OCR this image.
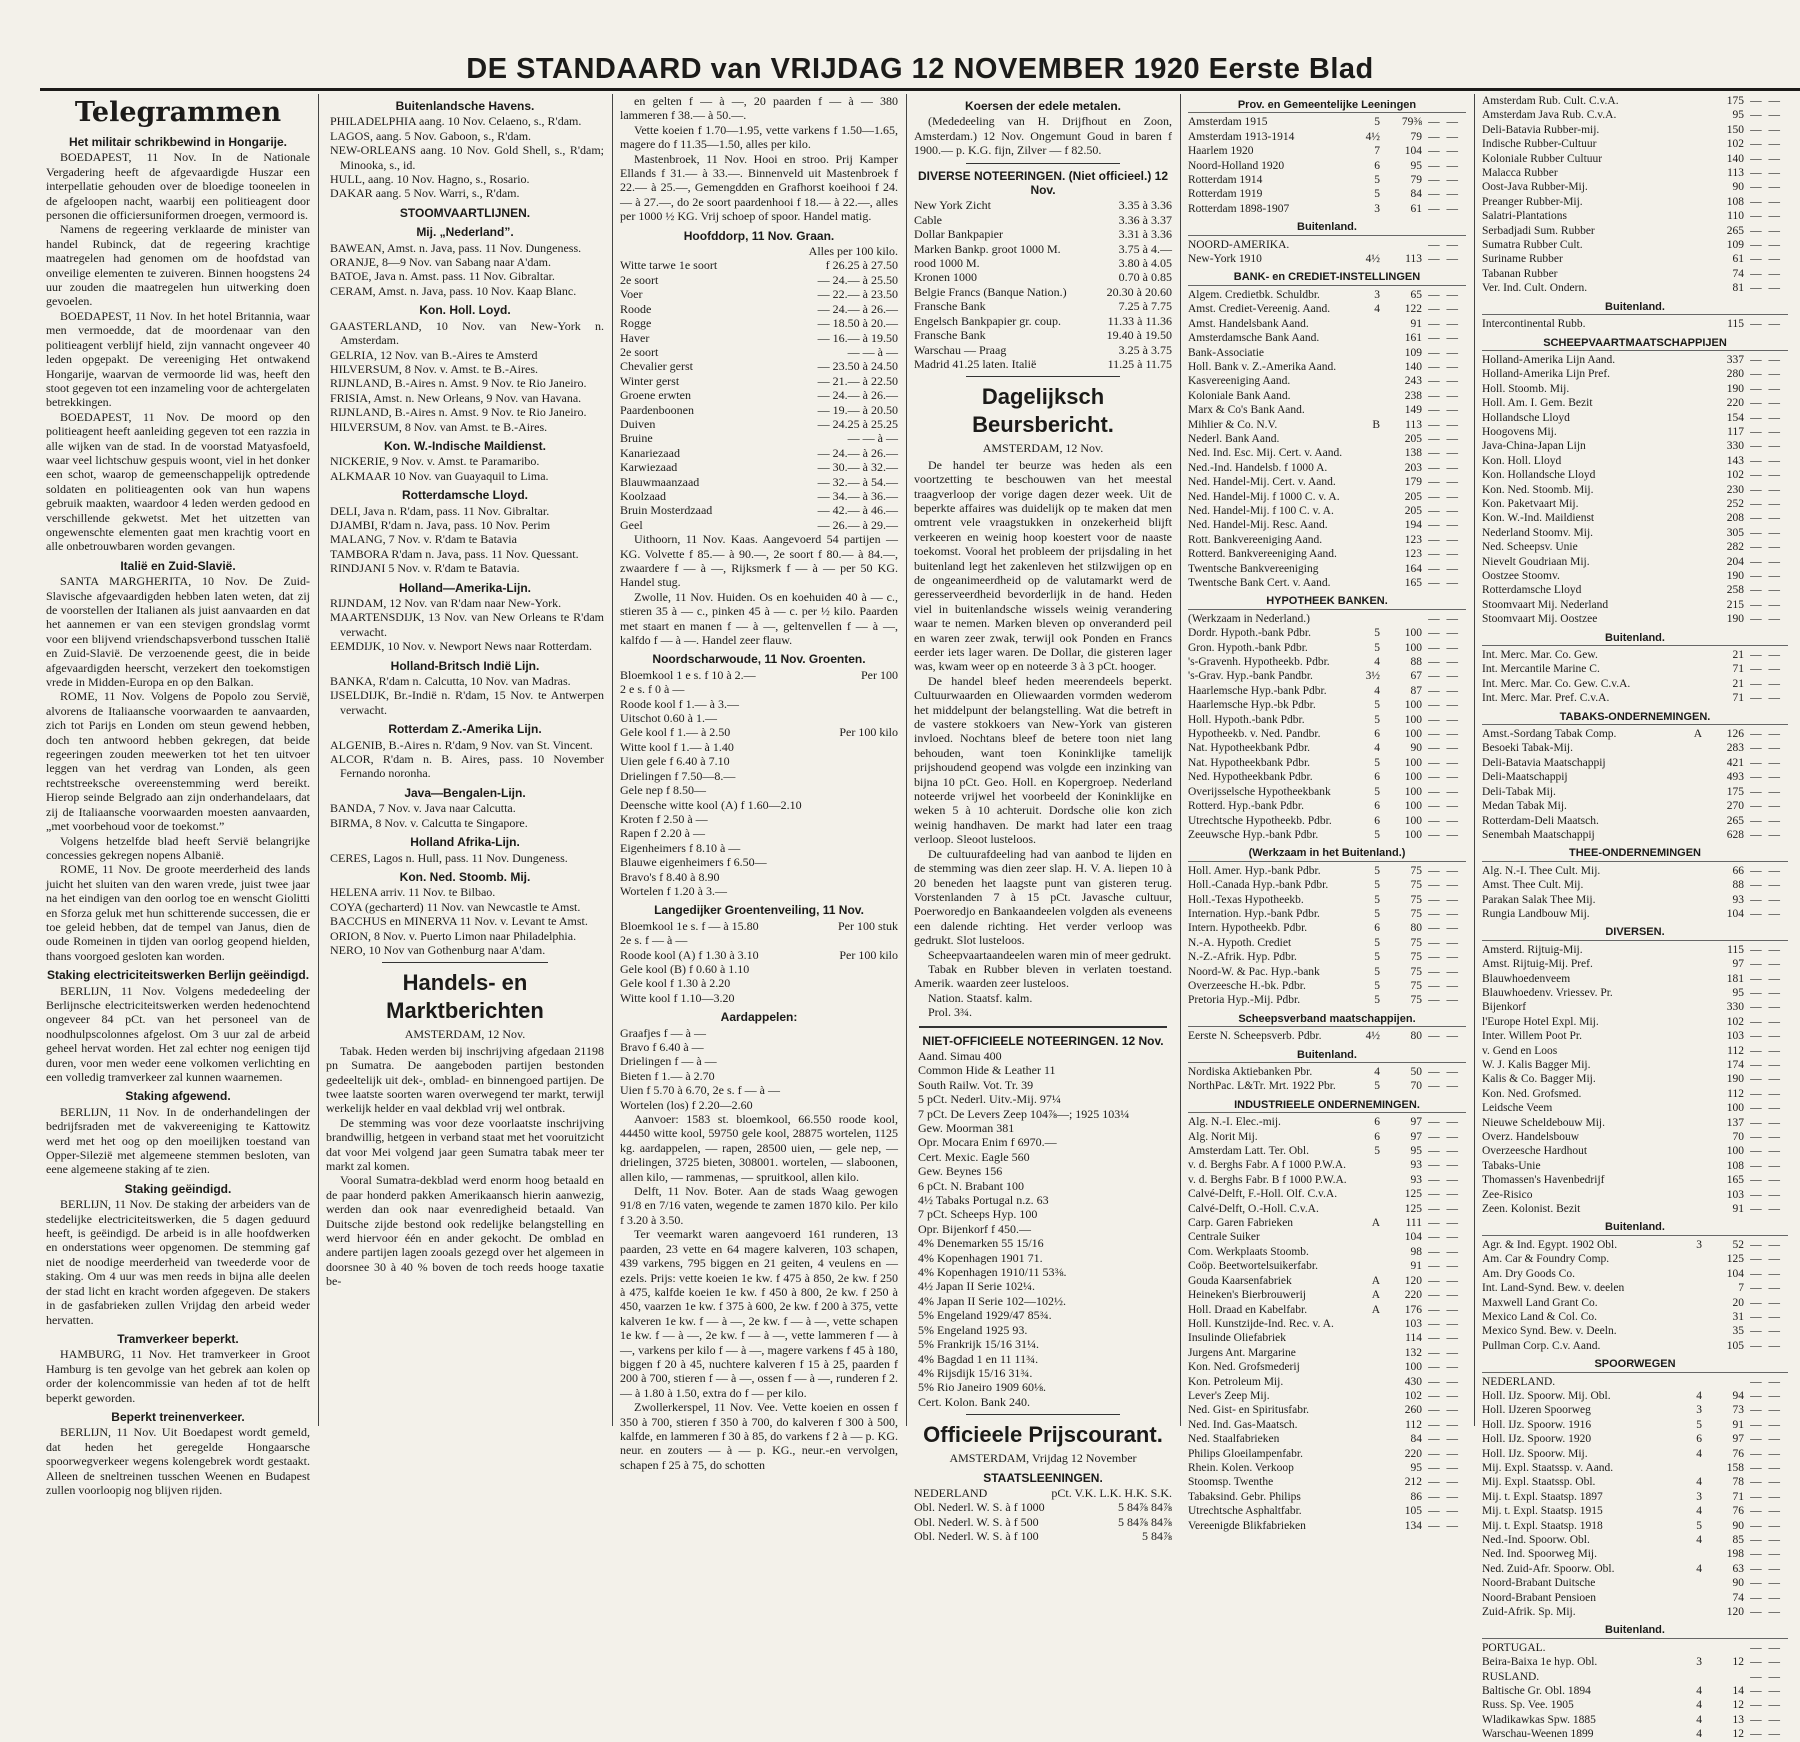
DE STANDAARD van VRIJDAG 12 NOVEMBER 1920 Eerste Blad
Telegrammen
Het militair schrikbewind in Hongarije.

BOEDAPEST, 11 Nov. In de Nationale Vergadering heeft de afgevaardigde Huszar een interpellatie gehouden over de bloedige tooneelen in de afgeloopen nacht, waarbij een politieagent door personen die officiersuniformen droegen, vermoord is.

Namens de regeering verklaarde de minister van handel Rubinck, dat de regeering krachtige maatregelen had genomen om de hoofdstad van onveilige elementen te zuiveren. Binnen hoogstens 24 uur zouden die maatregelen hun uitwerking doen gevoelen.

BOEDAPEST, 11 Nov. In het hotel Britannia, waar men vermoedde, dat de moordenaar van den politieagent verblijf hield, zijn vannacht ongeveer 40 leden opgepakt. De vereeniging Het ontwakend Hongarije, waarvan de vermoorde lid was, heeft den stoot gegeven tot een inzameling voor de achtergelaten betrekkingen.

BOEDAPEST, 11 Nov. De moord op den politieagent heeft aanleiding gegeven tot een razzia in alle wijken van de stad. In de voorstad Matyasfoeld, waar veel lichtschuw gespuis woont, viel in het donker een schot, waarop de gemeenschappelijk optredende soldaten en politieagenten ook van hun wapens gebruik maakten, waardoor 4 leden werden gedood en verschillende gekwetst. Met het uitzetten van ongewenschte elementen gaat men krachtig voort en alle onbetrouwbaren worden gevangen.

Italië en Zuid-Slavië.

SANTA MARGHERITA, 10 Nov. De Zuid-Slavische afgevaardigden hebben laten weten, dat zij de voorstellen der Italianen als juist aanvaarden en dat het aannemen er van een stevigen grondslag vormt voor een blijvend vriendschapsverbond tusschen Italië en Zuid-Slavië. De verzoenende geest, die in beide afgevaardigden heerscht, verzekert den toekomstigen vrede in Midden-Europa en op den Balkan.

ROME, 11 Nov. Volgens de Popolo zou Servië, alvorens de Italiaansche voorwaarden te aanvaarden, zich tot Parijs en Londen om steun gewend hebben, doch ten antwoord hebben gekregen, dat beide regeeringen zouden meewerken tot het ten uitvoer leggen van het verdrag van Londen, als geen rechtstreeksche overeenstemming werd bereikt. Hierop seinde Belgrado aan zijn onderhandelaars, dat zij de Italiaansche voorwaarden moesten aanvaarden, „met voorbehoud voor de toekomst.”

Volgens hetzelfde blad heeft Servië belangrijke concessies gekregen nopens Albanië.

ROME, 11 Nov. De groote meerderheid des lands juicht het sluiten van den waren vrede, juist twee jaar na het eindigen van den oorlog toe en wenscht Giolitti en Sforza geluk met hun schitterende successen, die er toe geleid hebben, dat de tempel van Janus, dien de oude Romeinen in tijden van oorlog geopend hielden, thans voorgoed gesloten kan worden.

Staking electriciteitswerken Berlijn geëindigd.

BERLIJN, 11 Nov. Volgens mededeeling der Berlijnsche electriciteitswerken werden hedenochtend ongeveer 84 pCt. van het personeel van de noodhulpscolonnes afgelost. Om 3 uur zal de arbeid geheel hervat worden. Het zal echter nog eenigen tijd duren, voor men weder eene volkomen verlichting en een volledig tramverkeer zal kunnen waarnemen.

Staking afgewend.

BERLIJN, 11 Nov. In de onderhandelingen der bedrijfsraden met de vakvereeniging te Kattowitz werd met het oog op den moeilijken toestand van Opper-Silezië met algemeene stemmen besloten, van eene algemeene staking af te zien.

Staking geëindigd.

BERLIJN, 11 Nov. De staking der arbeiders van de stedelijke electriciteitswerken, die 5 dagen geduurd heeft, is geëindigd. De arbeid is in alle hoofdwerken en onderstations weer opgenomen. De stemming gaf niet de noodige meerderheid van tweederde voor de staking. Om 4 uur was men reeds in bijna alle deelen der stad licht en kracht worden afgegeven. De stakers in de gasfabrieken zullen Vrijdag den arbeid weder hervatten.

Tramverkeer beperkt.

HAMBURG, 11 Nov. Het tramverkeer in Groot Hamburg is ten gevolge van het gebrek aan kolen op order der kolencommissie van heden af tot de helft beperkt geworden.

Beperkt treinenverkeer.

BERLIJN, 11 Nov. Uit Boedapest wordt gemeld, dat heden het geregelde Hongaarsche spoorwegverkeer wegens kolengebrek wordt gestaakt. Alleen de sneltreinen tusschen Weenen en Budapest zullen voorloopig nog blijven rijden.

Buitenlandsche Havens.

PHILADELPHIA aang. 10 Nov. Celaeno, s., R'dam.

LAGOS, aang. 5 Nov. Gaboon, s., R'dam.

NEW-ORLEANS aang. 10 Nov. Gold Shell, s., R'dam; Minooka, s., id.

HULL, aang. 10 Nov. Hagno, s., Rosario.

DAKAR aang. 5 Nov. Warri, s., R'dam.

STOOMVAARTLIJNEN.
Mij. „Nederland”.

BAWEAN, Amst. n. Java, pass. 11 Nov. Dungeness.

ORANJE, 8—9 Nov. van Sabang naar A'dam.

BATOE, Java n. Amst. pass. 11 Nov. Gibraltar.

CERAM, Amst. n. Java, pass. 10 Nov. Kaap Blanc.

Kon. Holl. Loyd.

GAASTERLAND, 10 Nov. van New-York n. Amsterdam.

GELRIA, 12 Nov. van B.-Aires te Amsterd

HILVERSUM, 8 Nov. v. Amst. te B.-Aires.

RIJNLAND, B.-Aires n. Amst. 9 Nov. te Rio Janeiro.

FRISIA, Amst. n. New Orleans, 9 Nov. van Havana.

RIJNLAND, B.-Aires n. Amst. 9 Nov. te Rio Janeiro.

HILVERSUM, 8 Nov. van Amst. te B.-Aires.

Kon. W.-Indische Maildienst.

NICKERIE, 9 Nov. v. Amst. te Paramaribo.

ALKMAAR 10 Nov. van Guayaquil to Lima.

Rotterdamsche Lloyd.

DELI, Java n. R'dam, pass. 11 Nov. Gibraltar.

DJAMBI, R'dam n. Java, pass. 10 Nov. Perim

MALANG, 7 Nov. v. R'dam te Batavia

TAMBORA R'dam n. Java, pass. 11 Nov. Quessant.

RINDJANI 5 Nov. v. R'dam te Batavia.

Holland—Amerika-Lijn.

RIJNDAM, 12 Nov. van R'dam naar New-York.

MAARTENSDIJK, 13 Nov. van New Orleans te R'dam verwacht.

EEMDIJK, 10 Nov. v. Newport News naar Rotterdam.

Holland-Britsch Indië Lijn.

BANKA, R'dam n. Calcutta, 10 Nov. van Madras.

IJSELDIJK, Br.-Indië n. R'dam, 15 Nov. te Antwerpen verwacht.

Rotterdam Z.-Amerika Lijn.

ALGENIB, B.-Aires n. R'dam, 9 Nov. van St. Vincent.

ALCOR, R'dam n. B. Aires, pass. 10 November Fernando noronha.

Java—Bengalen-Lijn.

BANDA, 7 Nov. v. Java naar Calcutta.

BIRMA, 8 Nov. v. Calcutta te Singapore.

Holland Afrika-Lijn.

CERES, Lagos n. Hull, pass. 11 Nov. Dungeness.

Kon. Ned. Stoomb. Mij.

HELENA arriv. 11 Nov. te Bilbao.

COYA (gecharterd) 11 Nov. van Newcastle te Amst.

BACCHUS en MINERVA 11 Nov. v. Levant te Amst.

ORION, 8 Nov. v. Puerto Limon naar Philadelphia.

NERO, 10 Nov van Gothenburg naar A'dam.

Handels- en Marktberichten
AMSTERDAM, 12 Nov.

Tabak. Heden werden bij inschrijving afgedaan 21198 pn Sumatra. De aangeboden partijen bestonden gedeeltelijk uit dek-, omblad- en binnengoed partijen. De twee laatste soorten waren overwegend ter markt, terwijl werkelijk helder en vaal dekblad vrij wel ontbrak.

De stemming was voor deze voorlaatste inschrijving brandwillig, hetgeen in verband staat met het vooruitzicht dat voor Mei volgend jaar geen Sumatra tabak meer ter markt zal komen.

Vooral Sumatra-dekblad werd enorm hoog betaald en de paar honderd pakken Amerikaansch hierin aanwezig, werden dan ook naar evenredigheid betaald. Van Duitsche zijde bestond ook redelijke belangstelling en werd hiervoor één en ander gekocht. De omblad en andere partijen lagen zooals gezegd over het algemeen in doorsnee 30 à 40 % boven de toch reeds hooge taxatie be-

en gelten f — à —, 20 paarden f — à — 380 lammeren f 38.— à 50.—.

Vette koeien f 1.70—1.95, vette varkens f 1.50—1.65, magere do f 11.35—1.50, alles per kilo.

Mastenbroek, 11 Nov. Hooi en stroo. Prij Kamper Ellands f 31.— à 33.—. Binnenveld uit Mastenbroek f 22.— à 25.—, Gemengdden en Grafhorst koeihooi f 24.— à 27.—, do 2e soort paardenhooi f 18.— à 22.—, alles per 1000 ½ KG. Vrij schoep of spoor. Handel matig.

Hoofddorp, 11 Nov. Graan.
Alles per 100 kilo.
Witte tarwe 1e soort	f 26.25 à 27.50
2e soort	— 24.— à 25.50
Voer	— 22.— à 23.50
Roode	— 24.— à 26.—
Rogge	— 18.50 à 20.—
Haver	— 16.— à 19.50
2e soort	— — à —
Chevalier gerst	— 23.50 à 24.50
Winter gerst	— 21.— à 22.50
Groene erwten	— 24.— à 26.—
Paardenboonen	— 19.— à 20.50
Duiven	— 24.25 à 25.25
Bruine	— — à —
Kanariezaad	— 24.— à 26.—
Karwiezaad	— 30.— à 32.—
Blauwmaanzaad	— 32.— à 54.—
Koolzaad	— 34.— à 36.—
Bruin Mosterdzaad	— 42.— à 46.—
Geel	— 26.— à 29.—

Uithoorn, 11 Nov. Kaas. Aangevoerd 54 partijen — KG. Volvette f 85.— à 90.—, 2e soort f 80.— à 84.—, zwaardere f — à —, Rijksmerk f — à — per 50 KG. Handel stug.

Zwolle, 11 Nov. Huiden. Os en koehuiden 40 à — c., stieren 35 à — c., pinken 45 à — c. per ½ kilo. Paarden met staart en manen f — à —, geltenvellen f — à —, kalfdo f — à —. Handel zeer flauw.

Noordscharwoude, 11 Nov. Groenten.
Bloemkool 1 e s. f 10 à 2.—	Per 100
2 e s. f 0 à —
Roode kool f 1.— à 3.—
Uitschot 0.60 à 1.—
Gele kool f 1.— à 2.50	Per 100 kilo
Witte kool f 1.— à 1.40
Uien gele f 6.40 à 7.10
Drielingen f 7.50—8.—
Gele nep f 8.50—
Deensche witte kool (A) f 1.60—2.10
Kroten f 2.50 à —
Rapen f 2.20 à —
Eigenheimers f 8.10 à —
Blauwe eigenheimers f 6.50—
Bravo's f 8.40 à 8.90
Wortelen f 1.20 à 3.—
Langedijker Groentenveiling, 11 Nov.
Bloemkool 1e s. f — à 15.80	Per 100 stuk
2e s. f — à —
Roode kool (A) f 1.30 à 3.10	Per 100 kilo
Gele kool (B) f 0.60 à 1.10
Gele kool f 1.30 à 2.20
Witte kool f 1.10—3.20
Aardappelen:
Graafjes f — à —
Bravo f 6.40 à —
Drielingen f — à —
Bieten f 1.— à 2.70
Uien f 5.70 à 6.70, 2e s. f — à —
Wortelen (los) f 2.20—2.60

Aanvoer: 1583 st. bloemkool, 66.550 roode kool, 44450 witte kool, 59750 gele kool, 28875 wortelen, 1125 kg. aardappelen, — rapen, 28500 uien, — gele nep, — drielingen, 3725 bieten, 308001. wortelen, — slaboonen, allen kilo, — rammenas, — spruitkool, allen kilo.

Delft, 11 Nov. Boter. Aan de stads Waag gewogen 91/8 en 7/16 vaten, wegende te zamen 1870 kilo. Per kilo f 3.20 à 3.50.

Ter veemarkt waren aangevoerd 161 runderen, 13 paarden, 23 vette en 64 magere kalveren, 103 schapen, 439 varkens, 795 biggen en 21 geiten, 4 veulens en — ezels. Prijs: vette koeien 1e kw. f 475 à 850, 2e kw. f 250 à 475, kalfde koeien 1e kw. f 450 à 800, 2e kw. f 250 à 450, vaarzen 1e kw. f 375 à 600, 2e kw. f 200 à 375, vette kalveren 1e kw. f — à —, 2e kw. f — à —, vette schapen 1e kw. f — à —, 2e kw. f — à —, vette lammeren f — à —, varkens per kilo f — à —, magere varkens f 45 à 180, biggen f 20 à 45, nuchtere kalveren f 15 à 25, paarden f 200 à 700, stieren f — à —, ossen f — à —, runderen f 2.— à 1.80 à 1.50, extra do f — per kilo.

Zwollerkerspel, 11 Nov. Vee. Vette koeien en ossen f 350 à 700, stieren f 350 à 700, do kalveren f 300 à 500, kalfde, en lammeren f 30 à 85, do varkens f 2 à — p. KG. neur. en zouters — à — p. KG., neur.-en vervolgen, schapen f 25 à 75, do schotten

Koersen der edele metalen.

(Mededeeling van H. Drijfhout en Zoon, Amsterdam.) 12 Nov. Ongemunt Goud in baren f 1900.— p. K.G. fijn, Zilver — f 82.50.

DIVERSE NOTEERINGEN. (Niet officieel.) 12 Nov.
New York Zicht	3.35 à 3.36
Cable	3.36 à 3.37
Dollar Bankpapier	3.31 à 3.36
Marken Bankp. groot 1000 M.	3.75 à 4.—
rood 1000 M.	3.80 à 4.05
Kronen 1000	0.70 à 0.85
Belgie Francs (Banque Nation.)	20.30 à 20.60
Fransche Bank	7.25 à 7.75
Engelsch Bankpapier gr. coup.	11.33 à 11.36
Fransche Bank	19.40 à 19.50
Warschau — Praag	3.25 à 3.75
Madrid 41.25 laten. Italië	11.25 à 11.75
Dagelijksch Beursbericht.
AMSTERDAM, 12 Nov.

De handel ter beurze was heden als een voortzetting te beschouwen van het meestal traagverloop der vorige dagen dezer week. Uit de beperkte affaires was duidelijk op te maken dat men omtrent vele vraagstukken in onzekerheid blijft verkeeren en weinig hoop koestert voor de naaste toekomst. Vooral het probleem der prijsdaling in het buitenland legt het zakenleven het stilzwijgen op en de ongeanimeerdheid op de valutamarkt werd de geresserveerdheid bevorderlijk in de hand. Heden viel in buitenlandsche wissels weinig verandering waar te nemen. Marken bleven op onveranderd peil en waren zeer zwak, terwijl ook Ponden en Francs eerder iets lager waren. De Dollar, die gisteren lager was, kwam weer op en noteerde 3 à 3 pCt. hooger.

De handel bleef heden meerendeels beperkt. Cultuurwaarden en Oliewaarden vormden wederom het middelpunt der belangstelling. Wat die betreft in de vastere stokkoers van New-York van gisteren invloed. Nochtans bleef de betere toon niet lang behouden, want toen Koninklijke tamelijk prijshoudend geopend was volgde een inzinking van bijna 10 pCt. Geo. Holl. en Kopergroep. Nederland noteerde vrijwel het voorbeeld der Koninklijke en weken 5 à 10 achteruit. Dordsche olie kon zich weinig handhaven. De markt had later een traag verloop. Sleoot lusteloos.

De cultuurafdeeling had van aanbod te lijden en de stemming was dien zeer slap. H. V. A. liepen 10 à 20 beneden het laagste punt van gisteren terug. Vorstenlanden 7 à 15 pCt. Javasche cultuur, Poerworedjo en Bankaandeelen volgden als eveneens een dalende richting. Het verder verloop was gedrukt. Slot lusteloos.

Scheepvaartaandeelen waren min of meer gedrukt.

Tabak en Rubber bleven in verlaten toestand. Amerik. waarden zeer lusteloos.

Nation. Staatsf. kalm.

Prol. 3¾.

NIET-OFFICIEELE NOTEERINGEN. 12 Nov.

Aand. Simau 400

Common Hide & Leather 11

South Railw. Vot. Tr. 39

5 pCt. Nederl. Uitv.-Mij. 97¼

7 pCt. De Levers Zeep 104⅞—; 1925 103¼

Gew. Moorman 381

Opr. Mocara Enim f 6970.—

Cert. Mexic. Eagle 560

Gew. Beynes 156

6 pCt. N. Brabant 100

4½ Tabaks Portugal n.z. 63

7 pCt. Scheeps Hyp. 100

Opr. Bijenkorf f 450.—

4% Denemarken 55 15/16

4% Kopenhagen 1901 71.

4% Kopenhagen 1910/11 53⅜.

4½ Japan II Serie 102¼.

4% Japan II Serie 102—102½.

5% Engeland 1929/47 85¾.

5% Engeland 1925 93.

5% Frankrijk 15/16 31¼.

4% Bagdad 1 en 11 11¾.

4% Rijsdijk 15/16 31¾.

5% Rio Janeiro 1909 60⅛.

Cert. Kolon. Bank 240.

Officieele Prijscourant.
AMSTERDAM, Vrijdag 12 November
STAATSLEENINGEN.
NEDERLAND	pCt. V.K. L.K. H.K. S.K.
Obl. Nederl. W. S. à f 1000	5 84⅞ 84⅞
Obl. Nederl. W. S. à f 500	5 84⅞ 84⅞
Obl. Nederl. W. S. à f 100	5 84⅞
Prov. en Gemeentelijke Leeningen
Amsterdam 1915	5	79⅜ — —
Amsterdam 1913-1914	4½	79 — —
Haarlem 1920	7	104 — —
Noord-Holland 1920	6	95 — —
Rotterdam 1914	5	79 — —
Rotterdam 1919	5	84 — —
Rotterdam 1898-1907	3	61 — —
Buitenland.
NOORD-AMERIKA.	— —
New-York 1910	4½	113 — —
BANK- en CREDIET-INSTELLINGEN
Algem. Credietbk. Schuldbr.	3	65 — —
Amst. Crediet-Vereenig. Aand.	4	122 — —
Amst. Handelsbank Aand.	91 — —
Amsterdamsche Bank Aand.	161 — —
Bank-Associatie	109 — —
Holl. Bank v. Z.-Amerika Aand.	140 — —
Kasvereeniging Aand.	243 — —
Koloniale Bank Aand.	238 — —
Marx & Co's Bank Aand.	149 — —
Mihlier & Co. N.V.	B	113 — —
Nederl. Bank Aand.	205 — —
Ned. Ind. Esc. Mij. Cert. v. Aand.	138 — —
Ned.-Ind. Handelsb. f 1000 A.	203 — —
Ned. Handel-Mij. Cert. v. Aand.	179 — —
Ned. Handel-Mij. f 1000 C. v. A.	205 — —
Ned. Handel-Mij. f 100 C. v. A.	205 — —
Ned. Handel-Mij. Resc. Aand.	194 — —
Rott. Bankvereeniging Aand.	123 — —
Rotterd. Bankvereeniging Aand.	123 — —
Twentsche Bankvereeniging	164 — —
Twentsche Bank Cert. v. Aand.	165 — —
HYPOTHEEK BANKEN.
(Werkzaam in Nederland.)	— —
Dordr. Hypoth.-bank Pdbr.	5	100 — —
Gron. Hypoth.-bank Pdbr.	5	100 — —
's-Gravenh. Hypotheekb. Pdbr.	4	88 — —
's-Grav. Hyp.-bank Pandbr.	3½	67 — —
Haarlemsche Hyp.-bank Pdbr.	4	87 — —
Haarlemsche Hyp.-bk Pdbr.	5	100 — —
Holl. Hypoth.-bank Pdbr.	5	100 — —
Hypotheekb. v. Ned. Pandbr.	6	100 — —
Nat. Hypotheekbank Pdbr.	4	90 — —
Nat. Hypotheekbank Pdbr.	5	100 — —
Ned. Hypotheekbank Pdbr.	6	100 — —
Overijsselsche Hypotheekbank	5	100 — —
Rotterd. Hyp.-bank Pdbr.	6	100 — —
Utrechtsche Hypotheekb. Pdbr.	6	100 — —
Zeeuwsche Hyp.-bank Pdbr.	5	100 — —
(Werkzaam in het Buitenland.)
Holl. Amer. Hyp.-bank Pdbr.	5	75 — —
Holl.-Canada Hyp.-bank Pdbr.	5	75 — —
Holl.-Texas Hypotheekb.	5	75 — —
Internation. Hyp.-bank Pdbr.	5	75 — —
Intern. Hypotheekb. Pdbr.	6	80 — —
N.-A. Hypoth. Crediet	5	75 — —
N.-Z.-Afrik. Hyp. Pdbr.	5	75 — —
Noord-W. & Pac. Hyp.-bank	5	75 — —
Overzeesche H.-bk. Pdbr.	5	75 — —
Pretoria Hyp.-Mij. Pdbr.	5	75 — —
Scheepsverband maatschappijen.
Eerste N. Scheepsverb. Pdbr.	4½	80 — —
Buitenland.
Nordiska Aktiebanken Pbr.	4	50 — —
NorthPac. L&Tr. Mrt. 1922 Pbr.	5	70 — —
INDUSTRIEELE ONDERNEMINGEN.
Alg. N.-I. Elec.-mij.	6	97 — —
Alg. Norit Mij.	6	97 — —
Amsterdam Latt. Ter. Obl.	5	95 — —
v. d. Berghs Fabr. A f 1000 P.W.A.	93 — —
v. d. Berghs Fabr. B f 1000 P.W.A.	93 — —
Calvé-Delft, F.-Holl. Olf. C.v.A.	125 — —
Calvé-Delft, O.-Holl. C.v.A.	125 — —
Carp. Garen Fabrieken	A	111 — —
Centrale Suiker	104 — —
Com. Werkplaats Stoomb.	98 — —
Coöp. Beetwortelsuikerfabr.	91 — —
Gouda Kaarsenfabriek	A	120 — —
Heineken's Bierbrouwerij	A	220 — —
Holl. Draad en Kabelfabr.	A	176 — —
Holl. Kunstzijde-Ind. Rec. v. A.	103 — —
Insulinde Oliefabriek	114 — —
Jurgens Ant. Margarine	132 — —
Kon. Ned. Grofsmederij	100 — —
Kon. Petroleum Mij.	430 — —
Lever's Zeep Mij.	102 — —
Ned. Gist- en Spiritusfabr.	260 — —
Ned. Ind. Gas-Maatsch.	112 — —
Ned. Staalfabrieken	84 — —
Philips Gloeilampenfabr.	220 — —
Rhein. Kolen. Verkoop	95 — —
Stoomsp. Twenthe	212 — —
Tabaksind. Gebr. Philips	86 — —
Utrechtsche Asphaltfabr.	105 — —
Vereenigde Blikfabrieken	134 — —
Amsterdam Rub. Cult. C.v.A.	175 — —
Amsterdam Java Rub. C.v.A.	95 — —
Deli-Batavia Rubber-mij.	150 — —
Indische Rubber-Cultuur	102 — —
Koloniale Rubber Cultuur	140 — —
Malacca Rubber	113 — —
Oost-Java Rubber-Mij.	90 — —
Preanger Rubber-Mij.	108 — —
Salatri-Plantations	110 — —
Serbadjadi Sum. Rubber	265 — —
Sumatra Rubber Cult.	109 — —
Suriname Rubber	61 — —
Tabanan Rubber	74 — —
Ver. Ind. Cult. Ondern.	81 — —
Buitenland.
Intercontinental Rubb.	115 — —
SCHEEPVAARTMAATSCHAPPIJEN
Holland-Amerika Lijn Aand.	337 — —
Holland-Amerika Lijn Pref.	280 — —
Holl. Stoomb. Mij.	190 — —
Holl. Am. I. Gem. Bezit	220 — —
Hollandsche Lloyd	154 — —
Hoogovens Mij.	117 — —
Java-China-Japan Lijn	330 — —
Kon. Holl. Lloyd	143 — —
Kon. Hollandsche Lloyd	102 — —
Kon. Ned. Stoomb. Mij.	230 — —
Kon. Paketvaart Mij.	252 — —
Kon. W.-Ind. Maildienst	208 — —
Nederland Stoomv. Mij.	305 — —
Ned. Scheepsv. Unie	282 — —
Nievelt Goudriaan Mij.	204 — —
Oostzee Stoomv.	190 — —
Rotterdamsche Lloyd	258 — —
Stoomvaart Mij. Nederland	215 — —
Stoomvaart Mij. Oostzee	190 — —
Buitenland.
Int. Merc. Mar. Co. Gew.	21 — —
Int. Mercantile Marine C.	71 — —
Int. Merc. Mar. Co. Gew. C.v.A.	21 — —
Int. Merc. Mar. Pref. C.v.A.	71 — —
TABAKS-ONDERNEMINGEN.
Amst.-Sordang Tabak Comp.	A	126 — —
Besoeki Tabak-Mij.	283 — —
Deli-Batavia Maatschappij	421 — —
Deli-Maatschappij	493 — —
Deli-Tabak Mij.	175 — —
Medan Tabak Mij.	270 — —
Rotterdam-Deli Maatsch.	265 — —
Senembah Maatschappij	628 — —
THEE-ONDERNEMINGEN
Alg. N.-I. Thee Cult. Mij.	66 — —
Amst. Thee Cult. Mij.	88 — —
Parakan Salak Thee Mij.	93 — —
Rungia Landbouw Mij.	104 — —
DIVERSEN.
Amsterd. Rijtuig-Mij.	115 — —
Amst. Rijtuig-Mij. Pref.	97 — —
Blauwhoedenveem	181 — —
Blauwhoedenv. Vriessev. Pr.	95 — —
Bijenkorf	330 — —
l'Europe Hotel Expl. Mij.	102 — —
Inter. Willem Poot Pr.	103 — —
v. Gend en Loos	112 — —
W. J. Kalis Bagger Mij.	174 — —
Kalis & Co. Bagger Mij.	190 — —
Kon. Ned. Grofsmed.	112 — —
Leidsche Veem	100 — —
Nieuwe Scheldebouw Mij.	137 — —
Overz. Handelsbouw	70 — —
Overzeesche Hardhout	100 — —
Tabaks-Unie	108 — —
Thomassen's Havenbedrijf	165 — —
Zee-Risico	103 — —
Zeen. Kolonist. Bezit	91 — —
Buitenland.
Agr. & Ind. Egypt. 1902 Obl.	3	52 — —
Am. Car & Foundry Comp.	125 — —
Am. Dry Goods Co.	104 — —
Int. Land-Synd. Bew. v. deelen	7 — —
Maxwell Land Grant Co.	20 — —
Mexico Land & Col. Co.	31 — —
Mexico Synd. Bew. v. Deeln.	35 — —
Pullman Corp. C.v. Aand.	105 — —
SPOORWEGEN
NEDERLAND.	— —
Holl. IJz. Spoorw. Mij. Obl.	4	94 — —
Holl. IJzeren Spoorweg	3	73 — —
Holl. IJz. Spoorw. 1916	5	91 — —
Holl. IJz. Spoorw. 1920	6	97 — —
Holl. IJz. Spoorw. Mij.	4	76 — —
Mij. Expl. Staatssp. v. Aand.	158 — —
Mij. Expl. Staatssp. Obl.	4	78 — —
Mij. t. Expl. Staatsp. 1897	3	71 — —
Mij. t. Expl. Staatsp. 1915	4	76 — —
Mij. t. Expl. Staatsp. 1918	5	90 — —
Ned.-Ind. Spoorw. Obl.	4	85 — —
Ned. Ind. Spoorweg Mij.	198 — —
Ned. Zuid-Afr. Spoorw. Obl.	4	63 — —
Noord-Brabant Duitsche	90 — —
Noord-Brabant Pensioen	74 — —
Zuid-Afrik. Sp. Mij.	120 — —
Buitenland.
PORTUGAL.	— —
Beira-Baixa 1e hyp. Obl.	3	12 — —
RUSLAND.	— —
Baltische Gr. Obl. 1894	4	14 — —
Russ. Sp. Vee. 1905	4	12 — —
Wladikawkas Spw. 1885	4	13 — —
Warschau-Weenen 1899	4	12 — —
